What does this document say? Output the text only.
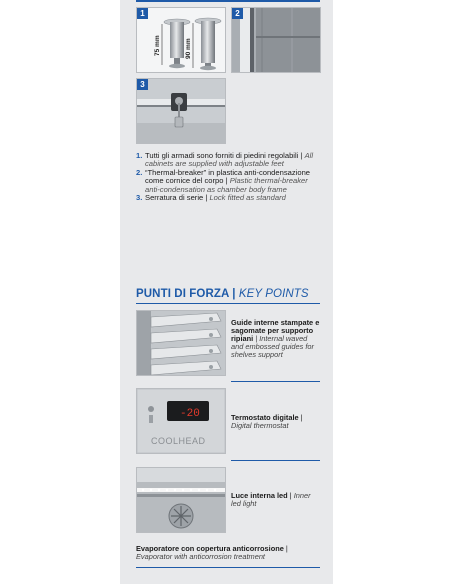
75 mm	90 mm
1	2
3
1. Tutti gli armadi sono forniti di piedini regolabili | All cabinets are supplied with adjustable feet
2. “Thermal-breaker” in plastica anti-condensazione come cornice del corpo | Plastic thermal-breaker anti-condensation as chamber body frame
3. Serratura di serie | Lock fitted as standard
PUNTI DI FORZA | KEY POINTS
Guide interne stampate e sagomate per supporto ripiani | Internal waved and embossed guides for shelves support
-20
COOLHEAD
Termostato digitale | Digital thermostat
Luce interna led | Inner led light
Evaporatore con copertura anticorrosione |
Evaporator with anticorrosion treatment
